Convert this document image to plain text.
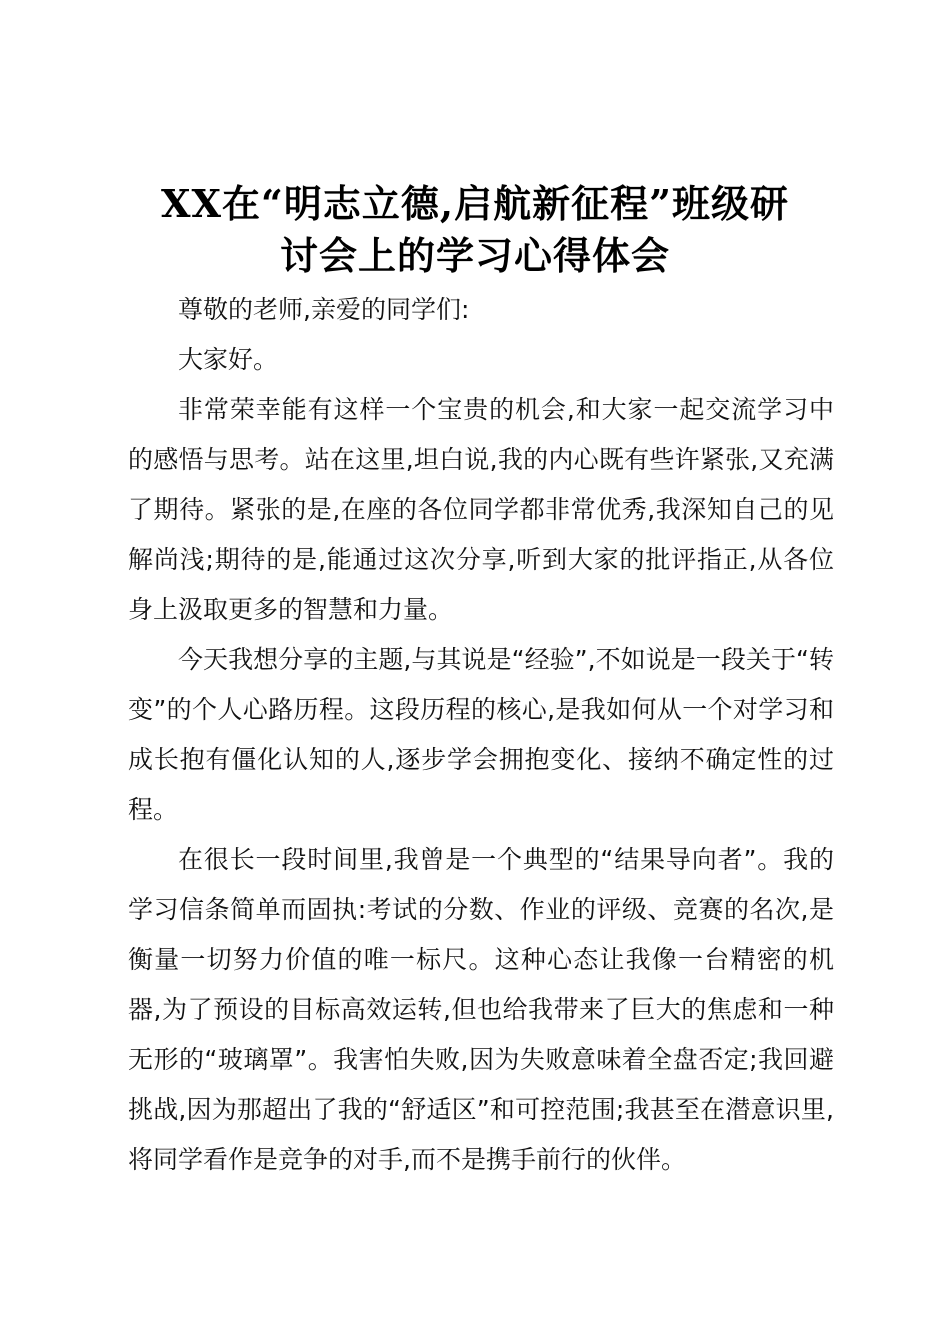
XX在“明志立德,启航新征程”班级研
讨会上的学习心得体会

尊敬的老师,亲爱的同学们:

大家好。

非常荣幸能有这样一个宝贵的机会,和大家一起交流学习中的感悟与思考。站在这里,坦白说,我的内心既有些许紧张,又充满了期待。紧张的是,在座的各位同学都非常优秀,我深知自己的见解尚浅;期待的是,能通过这次分享,听到大家的批评指正,从各位身上汲取更多的智慧和力量。

今天我想分享的主题,与其说是“经验”,不如说是一段关于“转变”的个人心路历程。这段历程的核心,是我如何从一个对学习和成长抱有僵化认知的人,逐步学会拥抱变化、接纳不确定性的过程。

在很长一段时间里,我曾是一个典型的“结果导向者”。我的学习信条简单而固执:考试的分数、作业的评级、竞赛的名次,是衡量一切努力价值的唯一标尺。这种心态让我像一台精密的机器,为了预设的目标高效运转,但也给我带来了巨大的焦虑和一种无形的“玻璃罩”。我害怕失败,因为失败意味着全盘否定;我回避挑战,因为那超出了我的“舒适区”和可控范围;我甚至在潜意识里,将同学看作是竞争的对手,而不是携手前行的伙伴。
